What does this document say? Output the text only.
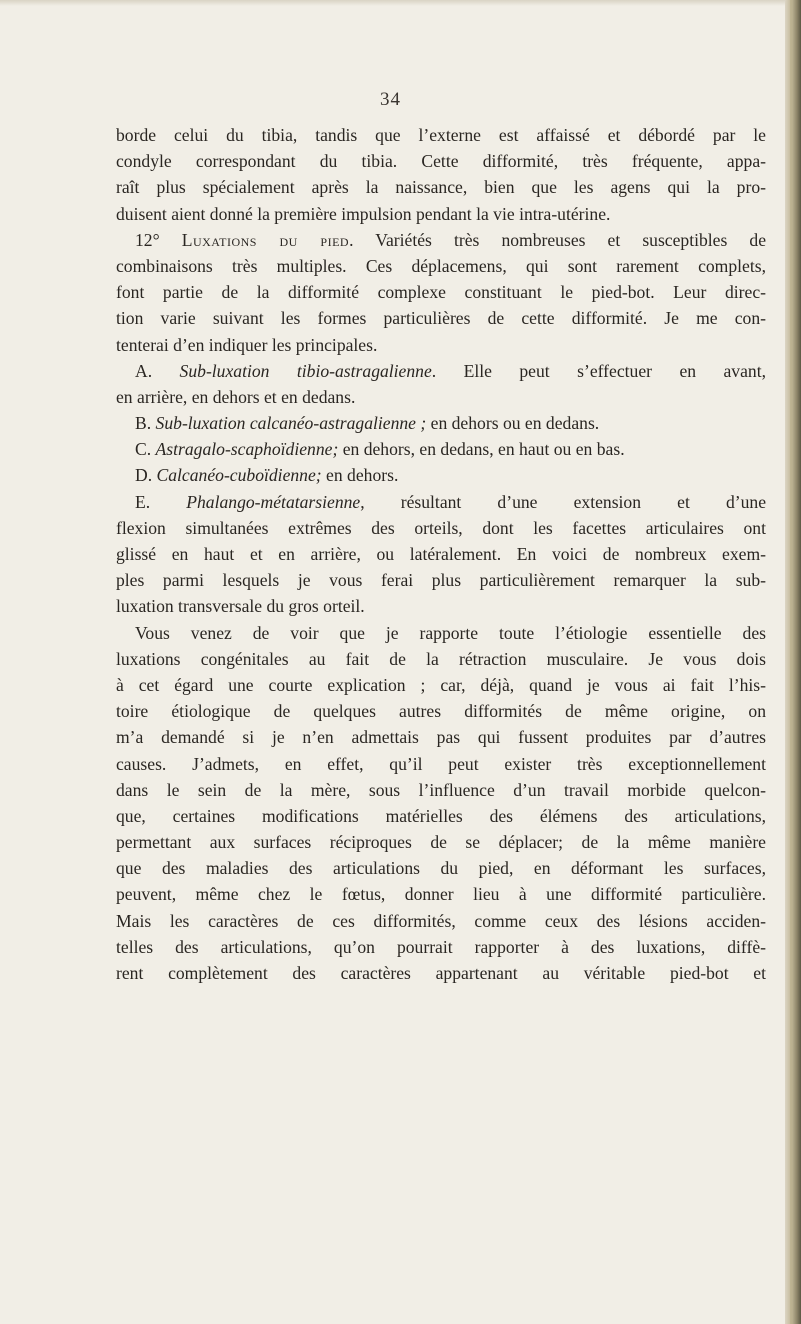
34
borde celui du tibia, tandis que l’externe est affaissé et débordé par le
condyle correspondant du tibia. Cette difformité, très fréquente, appa-
raît plus spécialement après la naissance, bien que les agens qui la pro-
duisent aient donné la première impulsion pendant la vie intra-utérine.
12° Luxations du pied. Variétés très nombreuses et susceptibles de
combinaisons très multiples. Ces déplacemens, qui sont rarement complets,
font partie de la difformité complexe constituant le pied-bot. Leur direc-
tion varie suivant les formes particulières de cette difformité. Je me con-
tenterai d’en indiquer les principales.
A. Sub-luxation tibio-astragalienne. Elle peut s’effectuer en avant,
en arrière, en dehors et en dedans.
B. Sub-luxation calcanéo-astragalienne ; en dehors ou en dedans.
C. Astragalo-scaphoïdienne; en dehors, en dedans, en haut ou en bas.
D. Calcanéo-cuboïdienne; en dehors.
E. Phalango-métatarsienne, résultant d’une extension et d’une
flexion simultanées extrêmes des orteils, dont les facettes articulaires ont
glissé en haut et en arrière, ou latéralement. En voici de nombreux exem-
ples parmi lesquels je vous ferai plus particulièrement remarquer la sub-
luxation transversale du gros orteil.
Vous venez de voir que je rapporte toute l’étiologie essentielle des
luxations congénitales au fait de la rétraction musculaire. Je vous dois
à cet égard une courte explication ; car, déjà, quand je vous ai fait l’his-
toire étiologique de quelques autres difformités de même origine, on
m’a demandé si je n’en admettais pas qui fussent produites par d’autres
causes. J’admets, en effet, qu’il peut exister très exceptionnellement
dans le sein de la mère, sous l’influence d’un travail morbide quelcon-
que, certaines modifications matérielles des élémens des articulations,
permettant aux surfaces réciproques de se déplacer; de la même manière
que des maladies des articulations du pied, en déformant les surfaces,
peuvent, même chez le fœtus, donner lieu à une difformité particulière.
Mais les caractères de ces difformités, comme ceux des lésions acciden-
telles des articulations, qu’on pourrait rapporter à des luxations, diffè-
rent complètement des caractères appartenant au véritable pied-bot et
